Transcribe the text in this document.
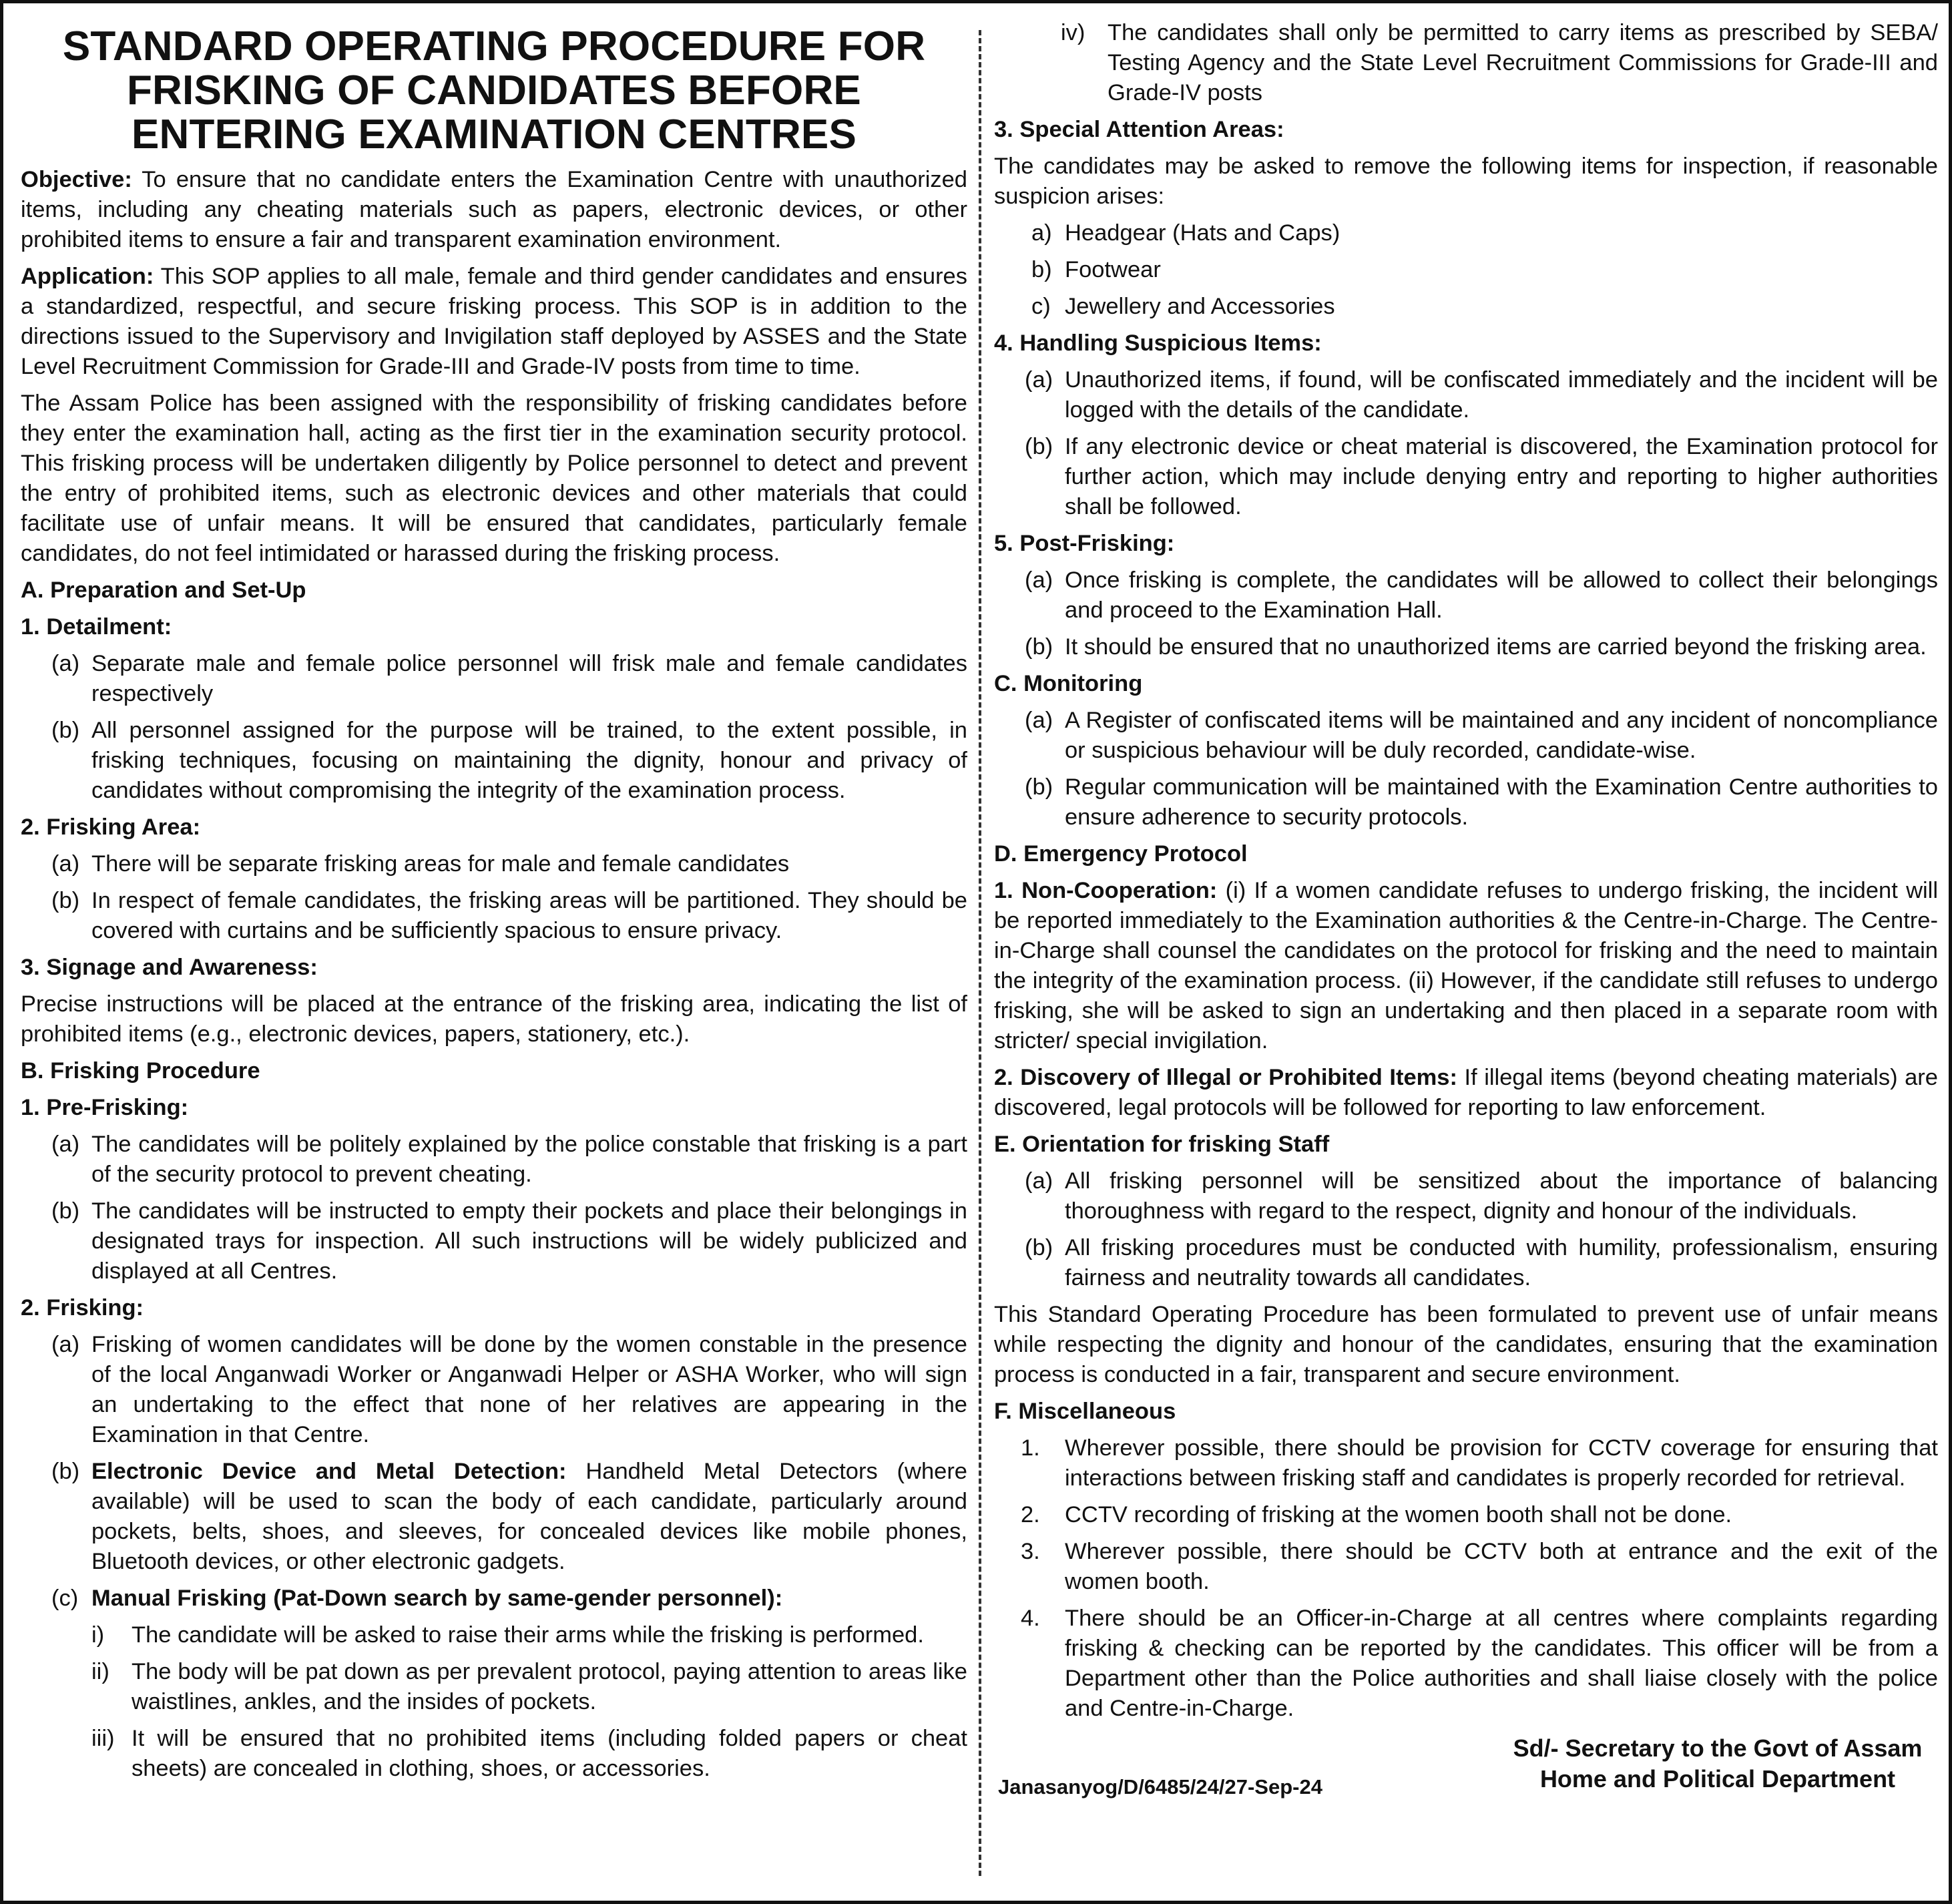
STANDARD OPERATING PROCEDURE FOR FRISKING OF CANDIDATES BEFORE ENTERING EXAMINATION CENTRES

Objective: To ensure that no candidate enters the Examination Centre with unauthorized items, including any cheating materials such as papers, electronic devices, or other prohibited items to ensure a fair and transparent examination environment.

Application: This SOP applies to all male, female and third gender candidates and ensures a standardized, respectful, and secure frisking process. This SOP is in addition to the directions issued to the Supervisory and Invigilation staff deployed by ASSES and the State Level Recruitment Commission for Grade-III and Grade-IV posts from time to time.

The Assam Police has been assigned with the responsibility of frisking candidates before they enter the examination hall, acting as the first tier in the examination security protocol. This frisking process will be undertaken diligently by Police personnel to detect and prevent the entry of prohibited items, such as electronic devices and other materials that could facilitate use of unfair means. It will be ensured that candidates, particularly female candidates, do not feel intimidated or harassed during the frisking process.

A. Preparation and Set-Up
1. Detailment:
(a) Separate male and female police personnel will frisk male and female candidates respectively
(b) All personnel assigned for the purpose will be trained, to the extent possible, in frisking techniques, focusing on maintaining the dignity, honour and privacy of candidates without compromising the integrity of the examination process.
2. Frisking Area:
(a) There will be separate frisking areas for male and female candidates
(b) In respect of female candidates, the frisking areas will be partitioned. They should be covered with curtains and be sufficiently spacious to ensure privacy.
3. Signage and Awareness:

Precise instructions will be placed at the entrance of the frisking area, indicating the list of prohibited items (e.g., electronic devices, papers, stationery, etc.).

B. Frisking Procedure
1. Pre-Frisking:
(a) The candidates will be politely explained by the police constable that frisking is a part of the security protocol to prevent cheating.
(b) The candidates will be instructed to empty their pockets and place their belongings in designated trays for inspection. All such instructions will be widely publicized and displayed at all Centres.
2. Frisking:
(a) Frisking of women candidates will be done by the women constable in the presence of the local Anganwadi Worker or Anganwadi Helper or ASHA Worker, who will sign an undertaking to the effect that none of her relatives are appearing in the Examination in that Centre.
(b) Electronic Device and Metal Detection: Handheld Metal Detectors (where available) will be used to scan the body of each candidate, particularly around pockets, belts, shoes, and sleeves, for concealed devices like mobile phones, Bluetooth devices, or other electronic gadgets.
(c) Manual Frisking (Pat-Down search by same-gender personnel):
i) The candidate will be asked to raise their arms while the frisking is performed.
ii) The body will be pat down as per prevalent protocol, paying attention to areas like waistlines, ankles, and the insides of pockets.
iii) It will be ensured that no prohibited items (including folded papers or cheat sheets) are concealed in clothing, shoes, or accessories.
iv) The candidates shall only be permitted to carry items as prescribed by SEBA/ Testing Agency and the State Level Recruitment Commissions for Grade-III and Grade-IV posts
3. Special Attention Areas:

The candidates may be asked to remove the following items for inspection, if reasonable suspicion arises:

a) Headgear (Hats and Caps)
b) Footwear
c) Jewellery and Accessories
4. Handling Suspicious Items:
(a) Unauthorized items, if found, will be confiscated immediately and the incident will be logged with the details of the candidate.
(b) If any electronic device or cheat material is discovered, the Examination protocol for further action, which may include denying entry and reporting to higher authorities shall be followed.
5. Post-Frisking:
(a) Once frisking is complete, the candidates will be allowed to collect their belongings and proceed to the Examination Hall.
(b) It should be ensured that no unauthorized items are carried beyond the frisking area.
C. Monitoring
(a) A Register of confiscated items will be maintained and any incident of noncompliance or suspicious behaviour will be duly recorded, candidate-wise.
(b) Regular communication will be maintained with the Examination Centre authorities to ensure adherence to security protocols.
D. Emergency Protocol

1. Non-Cooperation: (i) If a women candidate refuses to undergo frisking, the incident will be reported immediately to the Examination authorities & the Centre-in-Charge. The Centre-in-Charge shall counsel the candidates on the protocol for frisking and the need to maintain the integrity of the examination process. (ii) However, if the candidate still refuses to undergo frisking, she will be asked to sign an undertaking and then placed in a separate room with stricter/ special invigilation.

2. Discovery of Illegal or Prohibited Items: If illegal items (beyond cheating materials) are discovered, legal protocols will be followed for reporting to law enforcement.

E. Orientation for frisking Staff
(a) All frisking personnel will be sensitized about the importance of balancing thoroughness with regard to the respect, dignity and honour of the individuals.
(b) All frisking procedures must be conducted with humility, professionalism, ensuring fairness and neutrality towards all candidates.

This Standard Operating Procedure has been formulated to prevent use of unfair means while respecting the dignity and honour of the candidates, ensuring that the examination process is conducted in a fair, transparent and secure environment.

F. Miscellaneous
1. Wherever possible, there should be provision for CCTV coverage for ensuring that interactions between frisking staff and candidates is properly recorded for retrieval.
2. CCTV recording of frisking at the women booth shall not be done.
3. Wherever possible, there should be CCTV both at entrance and the exit of the women booth.
4. There should be an Officer-in-Charge at all centres where complaints regarding frisking & checking can be reported by the candidates. This officer will be from a Department other than the Police authorities and shall liaise closely with the police and Centre-in-Charge.
Janasanyog/D/6485/24/27-Sep-24
Sd/- Secretary to the Govt of Assam
Home and Political Department
